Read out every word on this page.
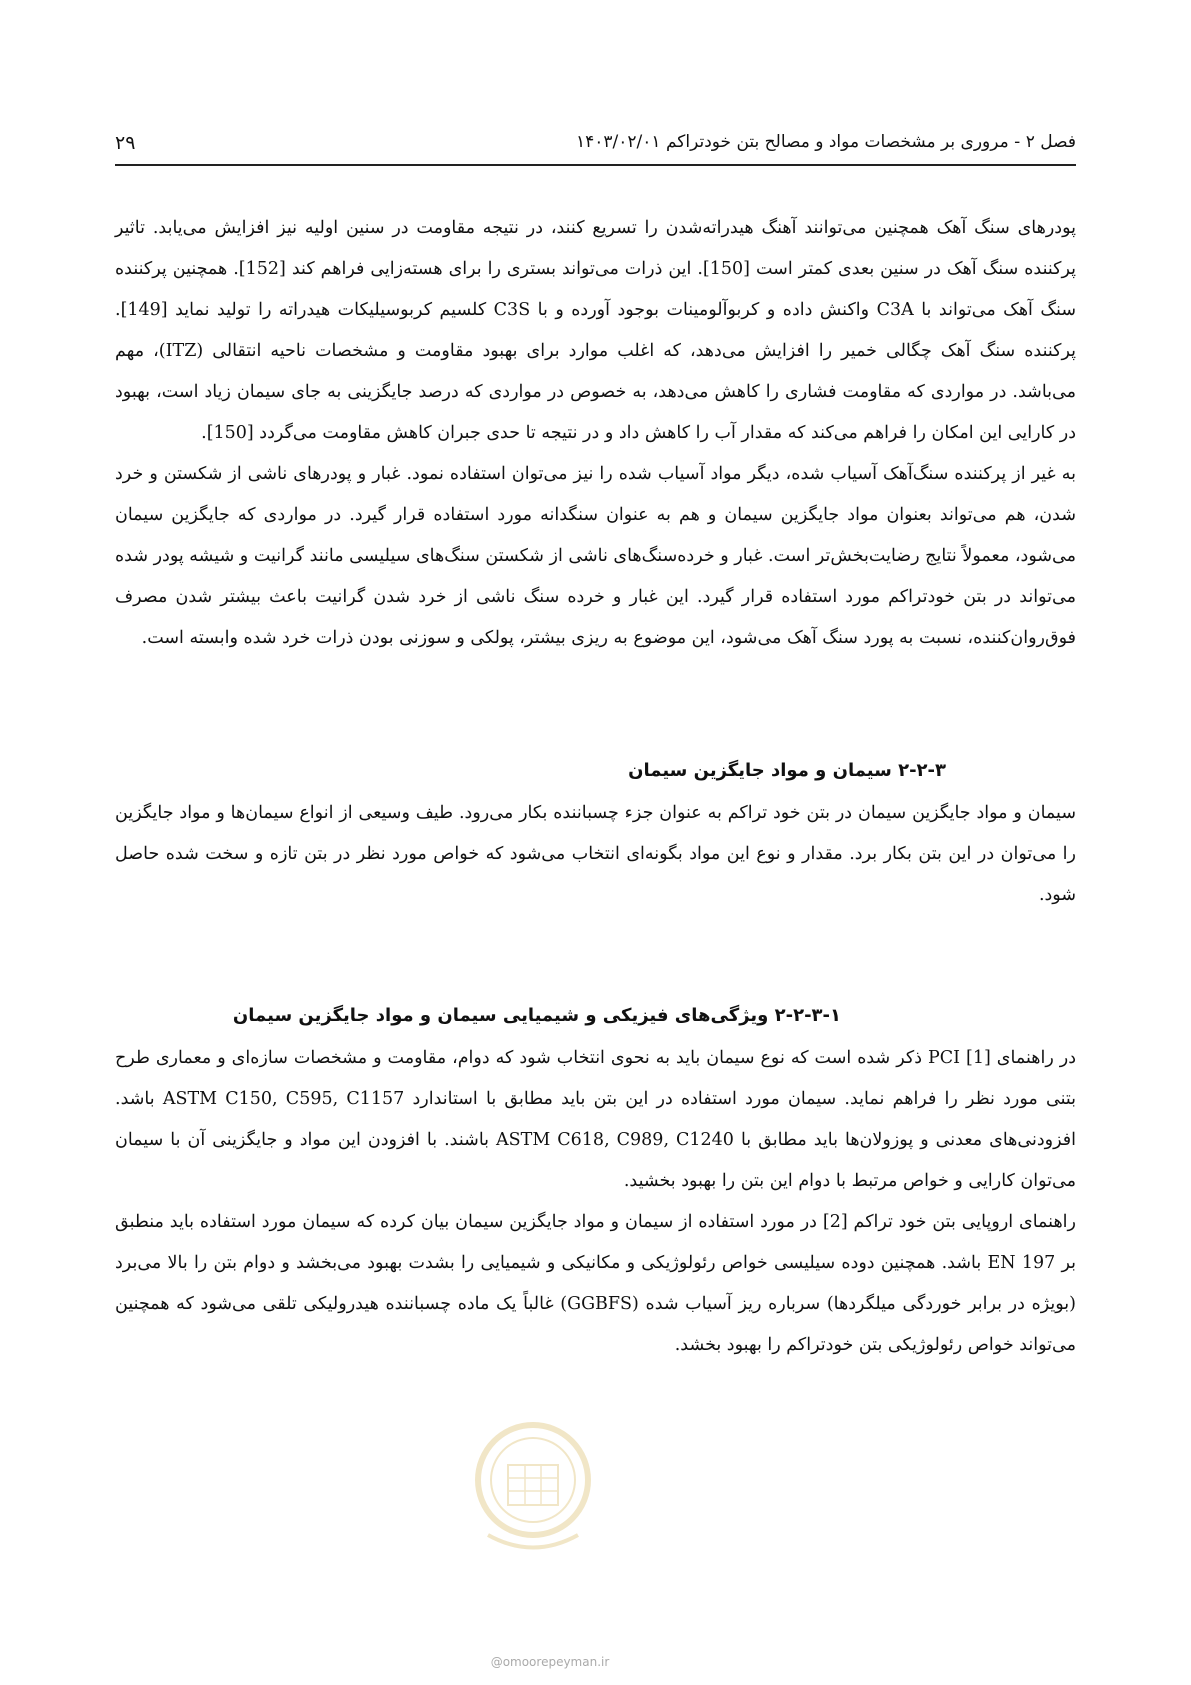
فصل ۲ - مروری بر مشخصات مواد و مصالح بتن خودتراکم ۱۴۰۳/۰۲/۰۱
۲۹

پودرهای سنگ آهک همچنین می‌توانند آهنگ هیدراته‌شدن را تسریع کنند، در نتیجه مقاومت در سنین اولیه نیز افزایش می‌یابد. تاثیر پرکننده سنگ آهک در سنین بعدی کمتر است [150]. این ذرات می‌تواند بستری را برای هسته‌زایی فراهم کند [152]. همچنین پرکننده سنگ آهک می‌تواند با C3A واکنش داده و کربوآلومینات بوجود آورده و با C3S کلسیم کربوسیلیکات هیدراته را تولید نماید [149]. پرکننده سنگ آهک چگالی خمیر را افزایش می‌دهد، که اغلب موارد برای بهبود مقاومت و مشخصات ناحیه انتقالی (ITZ)، مهم می‌باشد. در مواردی که مقاومت فشاری را کاهش می‌دهد، به خصوص در مواردی که درصد جایگزینی به جای سیمان زیاد است، بهبود در کارایی این امکان را فراهم می‌کند که مقدار آب را کاهش داد و در نتیجه تا حدی جبران کاهش مقاومت می‌گردد [150].

به غیر از پرکننده سنگ‌آهک آسیاب شده، دیگر مواد آسیاب شده را نیز می‌توان استفاده نمود. غبار و پودرهای ناشی از شکستن و خرد شدن، هم می‌تواند بعنوان مواد جایگزین سیمان و هم به عنوان سنگدانه مورد استفاده قرار گیرد. در مواردی که جایگزین سیمان می‌شود، معمولاً نتایج رضایت‌بخش‌تر است. غبار و خرده‌سنگ‌های ناشی از شکستن سنگ‌های سیلیسی مانند گرانیت و شیشه پودر شده می‌تواند در بتن خودتراکم مورد استفاده قرار گیرد. این غبار و خرده سنگ ناشی از خرد شدن گرانیت باعث بیشتر شدن مصرف فوق‌روان‌کننده، نسبت به پورد سنگ آهک می‌شود، این موضوع به ریزی بیشتر، پولکی و سوزنی بودن ذرات خرد شده وابسته است.

۲-۲-۳ سیمان و مواد جایگزین سیمان

سیمان و مواد جایگزین سیمان در بتن خود تراکم به عنوان جزء چسباننده بکار می‌رود. طیف وسیعی از انواع سیمان‌ها و مواد جایگزین را می‌توان در این بتن بکار برد. مقدار و نوع این مواد بگونه‌ای انتخاب می‌شود که خواص مورد نظر در بتن تازه و سخت شده حاصل شود.

۲-۲-۳-۱ ویژگی‌های فیزیکی و شیمیایی سیمان و مواد جایگزین سیمان

در راهنمای PCI [1] ذکر شده است که نوع سیمان باید به نحوی انتخاب شود که دوام، مقاومت و مشخصات سازه‌ای و معماری طرح بتنی مورد نظر را فراهم نماید. سیمان مورد استفاده در این بتن باید مطابق با استاندارد ASTM C150, C595, C1157 باشد. افزودنی‌های معدنی و پوزولان‌ها باید مطابق با ASTM C618, C989, C1240 باشند. با افزودن این مواد و جایگزینی آن با سیمان می‌توان کارایی و خواص مرتبط با دوام این بتن را بهبود بخشید.

راهنمای اروپایی بتن خود تراکم [2] در مورد استفاده از سیمان و مواد جایگزین سیمان بیان کرده که سیمان مورد استفاده باید منطبق بر EN 197 باشد. همچنین دوده سیلیسی خواص رئولوژیکی و مکانیکی و شیمیایی را بشدت بهبود می‌بخشد و دوام بتن را بالا می‌برد (بویژه در برابر خوردگی میلگردها) سرباره ریز آسیاب شده (GGBFS) غالباً یک ماده چسباننده هیدرولیکی تلقی می‌شود که همچنین می‌تواند خواص رئولوژیکی بتن خودتراکم را بهبود بخشد.

@omoorepeyman.ir
